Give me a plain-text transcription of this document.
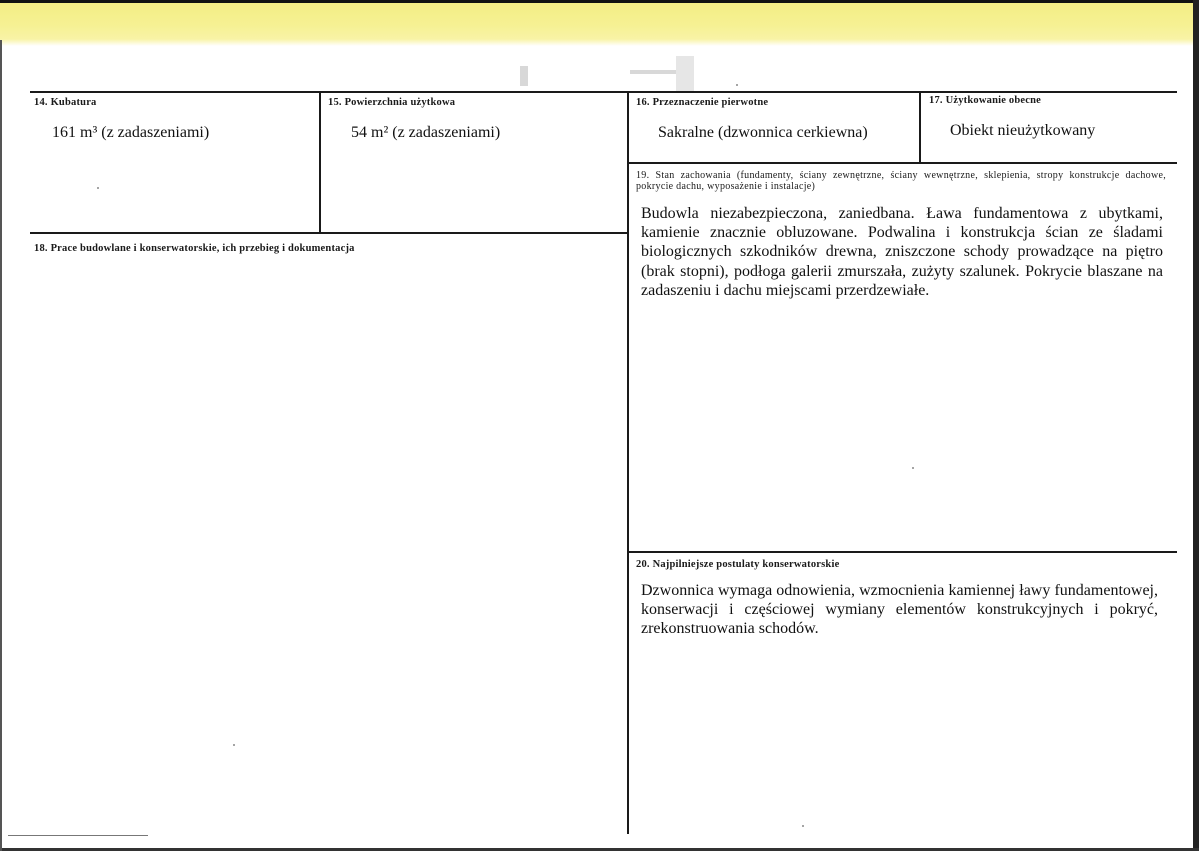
14. Kubatura
161 m³ (z zadaszeniami)
15. Powierzchnia użytkowa
54 m² (z zadaszeniami)
16. Przeznaczenie pierwotne
Sakralne (dzwonnica cerkiewna)
17. Użytkowanie obecne
Obiekt nieużytkowany
18. Prace budowlane i konserwatorskie, ich przebieg i dokumentacja
19. Stan zachowania (fundamenty, ściany zewnętrzne, ściany wewnętrzne, sklepienia, stropy konstrukcje dachowe, pokrycie dachu, wyposażenie i instalacje)
Budowla niezabezpieczona, zaniedbana. Ława fundamentowa z ubytkami, kamienie znacznie obluzowane. Podwalina i konstrukcja ścian ze śladami biologicznych szkodników drewna, zniszczone schody prowadzące na piętro (brak stopni), podłoga galerii zmurszała, zużyty szalunek. Pokrycie blaszane na zadaszeniu i dachu miejscami przerdzewiałe.
20. Najpilniejsze postulaty konserwatorskie
Dzwonnica wymaga odnowienia, wzmocnienia kamiennej ławy fundamentowej, konserwacji i częściowej wymiany elementów konstrukcyjnych i pokryć, zrekonstruowania schodów.
